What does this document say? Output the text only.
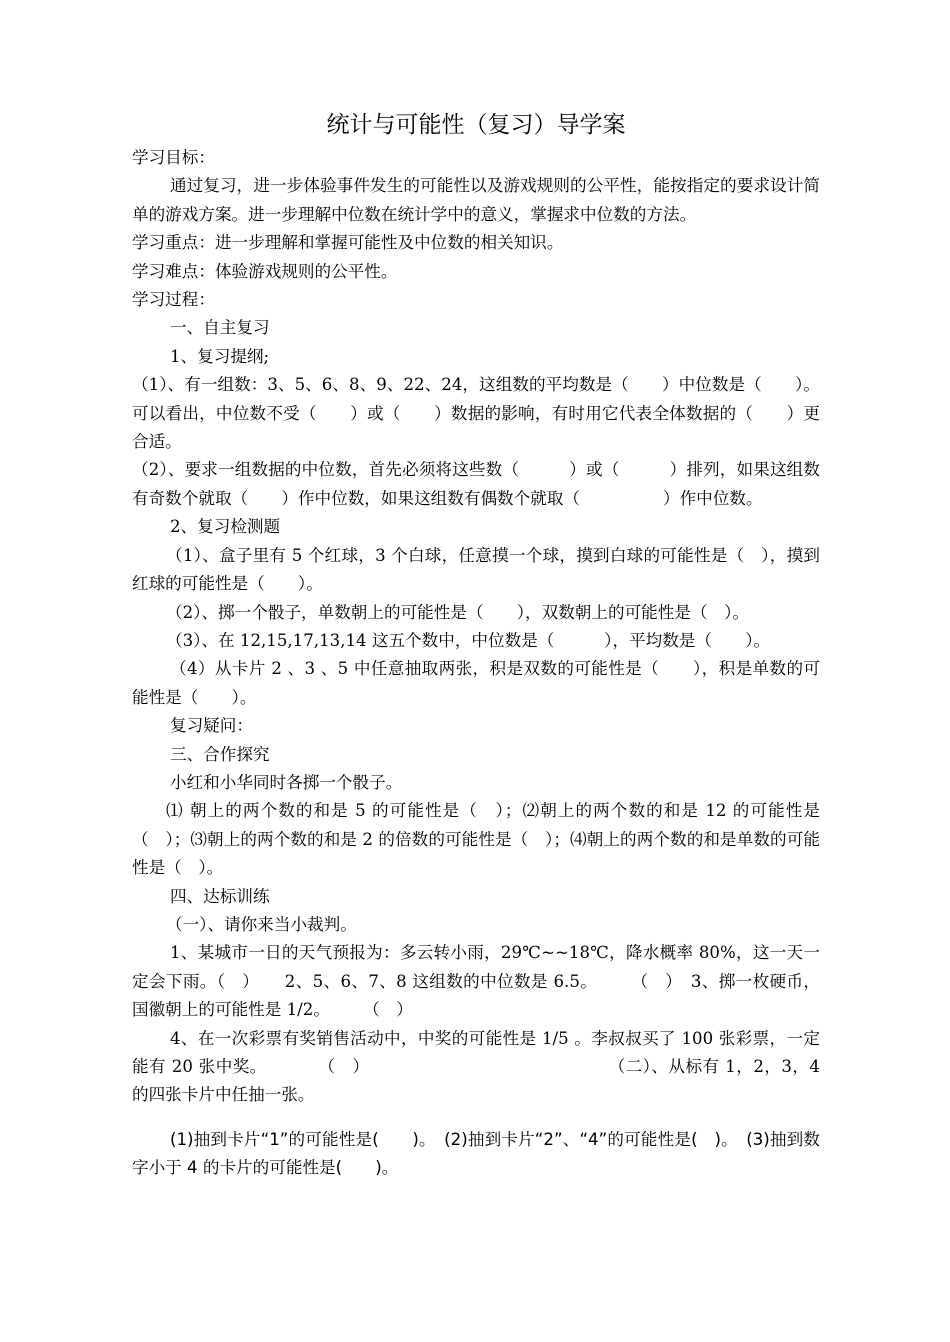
统计与可能性（复习）导学案

学习目标：

通过复习，进一步体验事件发生的可能性以及游戏规则的公平性，能按指定的要求设计简单的游戏方案。进一步理解中位数在统计学中的意义，掌握求中位数的方法。

学习重点：进一步理解和掌握可能性及中位数的相关知识。

学习难点：体验游戏规则的公平性。

学习过程：

一、自主复习

1、复习提纲;

（1）、有一组数：3、5、6、8、9、22、24，这组数的平均数是（　　）中位数是（　　）。可以看出，中位数不受（　　）或（　　）数据的影响，有时用它代表全体数据的（　　）更合适。

（2）、要求一组数据的中位数，首先必须将这些数（　　　）或（　　　）排列，如果这组数有奇数个就取（　　）作中位数，如果这组数有偶数个就取（　　　　　）作中位数。

2、复习检测题

（1）、盒子里有 5 个红球，3 个白球，任意摸一个球，摸到白球的可能性是（　），摸到红球的可能性是（　　）。

（2）、掷一个骰子，单数朝上的可能性是（　　），双数朝上的可能性是（　）。

（3）、在 12,15,17,13,14 这五个数中，中位数是（　　　），平均数是（　　）。

（4）从卡片 2 、3 、5 中任意抽取两张，积是双数的可能性是（　　），积是单数的可能性是（　　）。

复习疑问：

三、合作探究

小红和小华同时各掷一个骰子。

⑴ 朝上的两个数的和是 5 的可能性是（　）；⑵朝上的两个数的和是 12 的可能性是（　）；⑶朝上的两个数的和是 2 的倍数的可能性是（　）；⑷朝上的两个数的和是单数的可能性是（　）。

四、达标训练

（一）、请你来当小裁判。

1、某城市一日的天气预报为：多云转小雨，29℃~~18℃，降水概率 80%，这一天一定会下雨。（　）　　2、5、6、7、8 这组数的中位数是 6.5。　　　（　）　3、掷一枚硬币，国徽朝上的可能性是 1/2。　　　（　）

4、在一次彩票有奖销售活动中，中奖的可能性是 1/5 。李叔叔买了 100 张彩票，一定能有 20 张中奖。　　　　（　）　　　　　　　　　　　　　　　（二）、从标有 1，2，3，4 的四张卡片中任抽一张。

(1)抽到卡片“1”的可能性是(　　)。　(2)抽到卡片“2”、“4”的可能性是(　)。　(3)抽到数字小于 4 的卡片的可能性是(　　)。
